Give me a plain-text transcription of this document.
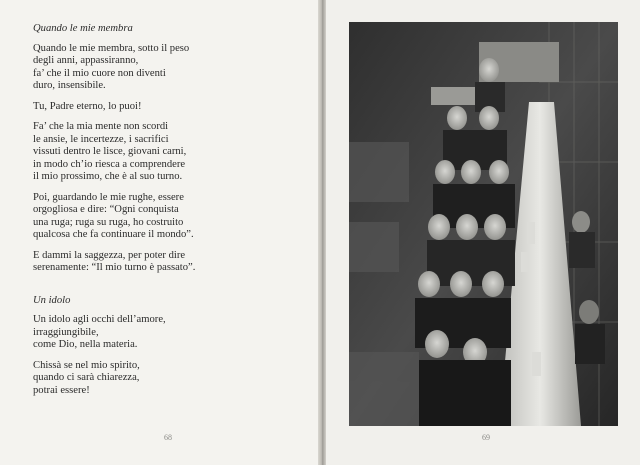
Quando le mie membra
Quando le mie membra, sotto il peso
degli anni, appassiranno,
fa’ che il mio cuore non diventi
duro, insensibile.
Tu, Padre eterno, lo puoi!
Fa’ che la mia mente non scordi
le ansie, le incertezze, i sacrifici
vissuti dentro le lisce, giovani carni,
in modo ch’io riesca a comprendere
il mio prossimo, che è al suo turno.
Poi, guardando le mie rughe, essere
orgogliosa e dire: “Ogni conquista
una ruga; ruga su ruga, ho costruito
qualcosa che fa continuare il mondo”.
E dammi la saggezza, per poter dire
serenamente: “Il mio turno è passato”.
Un idolo
Un idolo agli occhi dell’amore,
irraggiungibile,
come Dio, nella materia.
Chissà se nel mio spirito,
quando ci sarà chiarezza,
potrai essere!
68	69
